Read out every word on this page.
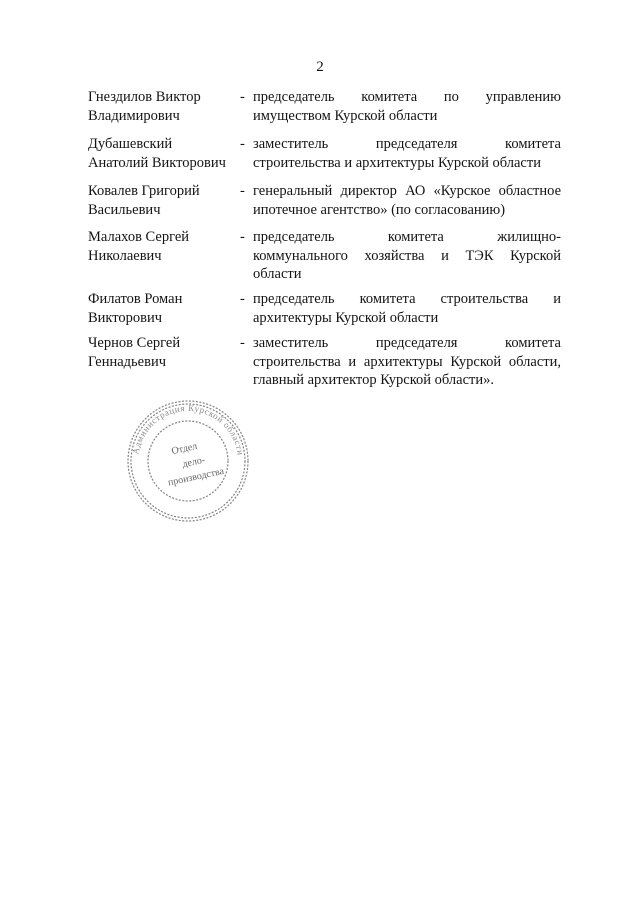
2
Гнездилов Виктор
Владимирович
- председатель комитета по управлению
имуществом Курской области
Дубашевский
Анатолий Викторович
- заместитель председателя комитета
строительства и архитектуры Курской области
Ковалев Григорий
Васильевич
- генеральный директор АО «Курское областное
ипотечное агентство» (по согласованию)
Малахов Сергей
Николаевич
- председатель комитета жилищно-
коммунального хозяйства и ТЭК Курской
области
Филатов Роман
Викторович
- председатель комитета строительства и
архитектуры Курской области
Чернов Сергей
Геннадьевич
- заместитель председателя комитета
строительства и архитектуры Курской области,
главный архитектор Курской области».
Администрация Курской области
Отдел
дело-
производства
